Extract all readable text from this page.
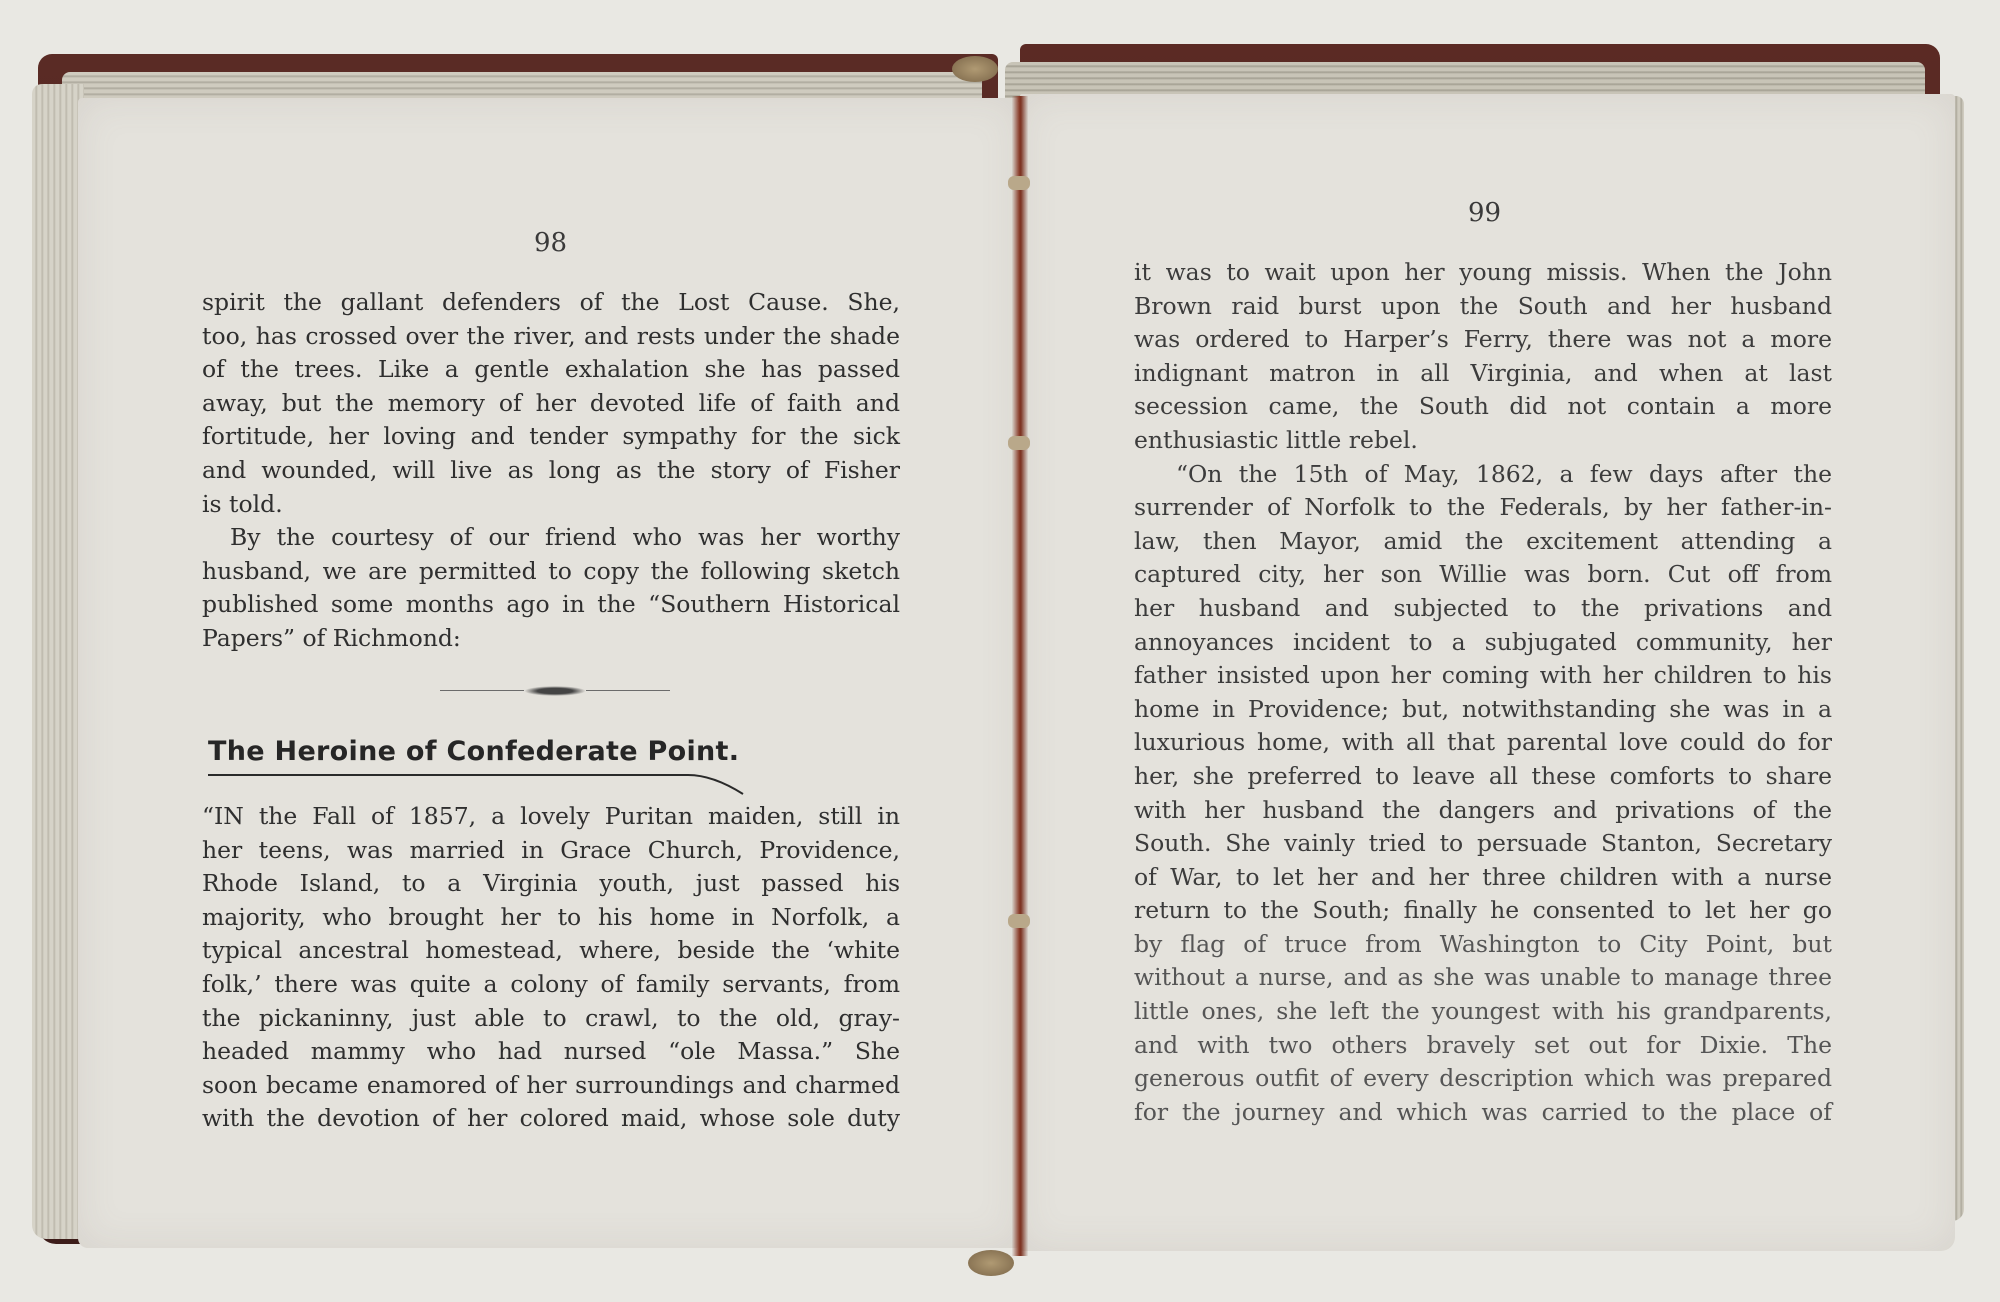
98

spirit the gallant defenders of the Lost Cause. She,
too, has crossed over the river, and rests under the shade
of the trees. Like a gentle exhalation she has passed
away, but the memory of her devoted life of faith and
fortitude, her loving and tender sympathy for the sick
and wounded, will live as long as the story of Fisher
is told.
By the courtesy of our friend who was her worthy
husband, we are permitted to copy the following sketch
published some months ago in the “Southern Historical
Papers” of Richmond:
The Heroine of Confederate Point.
“IN the Fall of 1857, a lovely Puritan maiden, still in
her teens, was married in Grace Church, Providence,
Rhode Island, to a Virginia youth, just passed his
majority, who brought her to his home in Norfolk, a
typical ancestral homestead, where, beside the ‘white
folk,’ there was quite a colony of family servants, from
the pickaninny, just able to crawl, to the old, gray-
headed mammy who had nursed “ole Massa.” She
soon became enamored of her surroundings and charmed
with the devotion of her colored maid, whose sole duty

99

it was to wait upon her young missis. When the John
Brown raid burst upon the South and her husband
was ordered to Harper’s Ferry, there was not a more
indignant matron in all Virginia, and when at last
secession came, the South did not contain a more
enthusiastic little rebel.
“On the 15th of May, 1862, a few days after the
surrender of Norfolk to the Federals, by her father-in-
law, then Mayor, amid the excitement attending a
captured city, her son Willie was born. Cut off from
her husband and subjected to the privations and
annoyances incident to a subjugated community, her
father insisted upon her coming with her children to his
home in Providence; but, notwithstanding she was in a
luxurious home, with all that parental love could do for
her, she preferred to leave all these comforts to share
with her husband the dangers and privations of the
South. She vainly tried to persuade Stanton, Secretary
of War, to let her and her three children with a nurse
return to the South; finally he consented to let her go
by flag of truce from Washington to City Point, but
without a nurse, and as she was unable to manage three
little ones, she left the youngest with his grandparents,
and with two others bravely set out for Dixie. The
generous outfit of every description which was prepared
for the journey and which was carried to the place of
